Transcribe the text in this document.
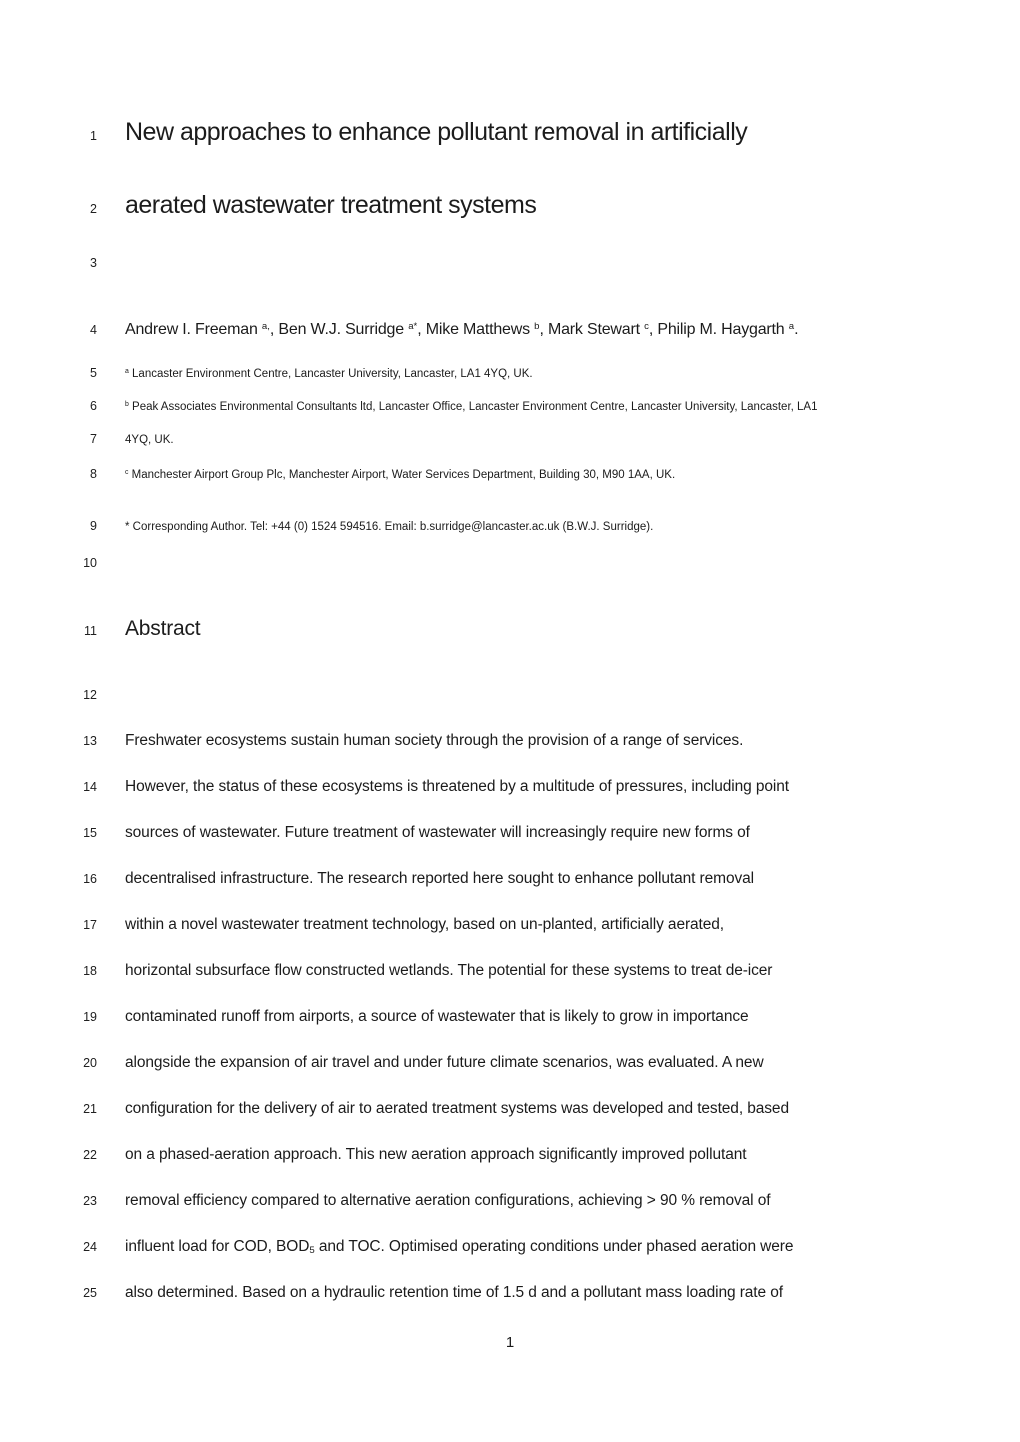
1 New approaches to enhance pollutant removal in artificially
2 aerated wastewater treatment systems
3
4 Andrew I. Freeman $^{a,}$, Ben W.J. Surridge $^{a*}$, Mike Matthews $^b$, Mark Stewart $^c$, Philip M. Haygarth $^a$.
5	$^a$ Lancaster Environment Centre, Lancaster University, Lancaster, LA1 4YQ, UK.
6	$^b$ Peak Associates Environmental Consultants ltd, Lancaster Office, Lancaster Environment Centre, Lancaster University, Lancaster, LA1
7 4YQ, UK.
8	$^c$ Manchester Airport Group Plc, Manchester Airport, Water Services Department, Building 30, M90 1AA, UK.
9 * Corresponding Author. Tel: +44 (0) 1524 594516. Email: b.surridge@lancaster.ac.uk (B.W.J. Surridge).
10
11 Abstract
12
13 Freshwater ecosystems sustain human society through the provision of a range of services.
14 However, the status of these ecosystems is threatened by a multitude of pressures, including point
15 sources of wastewater. Future treatment of wastewater will increasingly require new forms of
16 decentralised infrastructure. The research reported here sought to enhance pollutant removal
17 within a novel wastewater treatment technology, based on un-planted, artificially aerated,
18 horizontal subsurface flow constructed wetlands. The potential for these systems to treat de-icer
19 contaminated runoff from airports, a source of wastewater that is likely to grow in importance
20 alongside the expansion of air travel and under future climate scenarios, was evaluated. A new
21 configuration for the delivery of air to aerated treatment systems was developed and tested, based
22 on a phased-aeration approach. This new aeration approach significantly improved pollutant
23 removal efficiency compared to alternative aeration configurations, achieving > 90 % removal of
24 influent load for COD, $BOD_5$ and TOC. Optimised operating conditions under phased aeration were
25 also determined. Based on a hydraulic retention time of 1.5 d and a pollutant mass loading rate of
1
